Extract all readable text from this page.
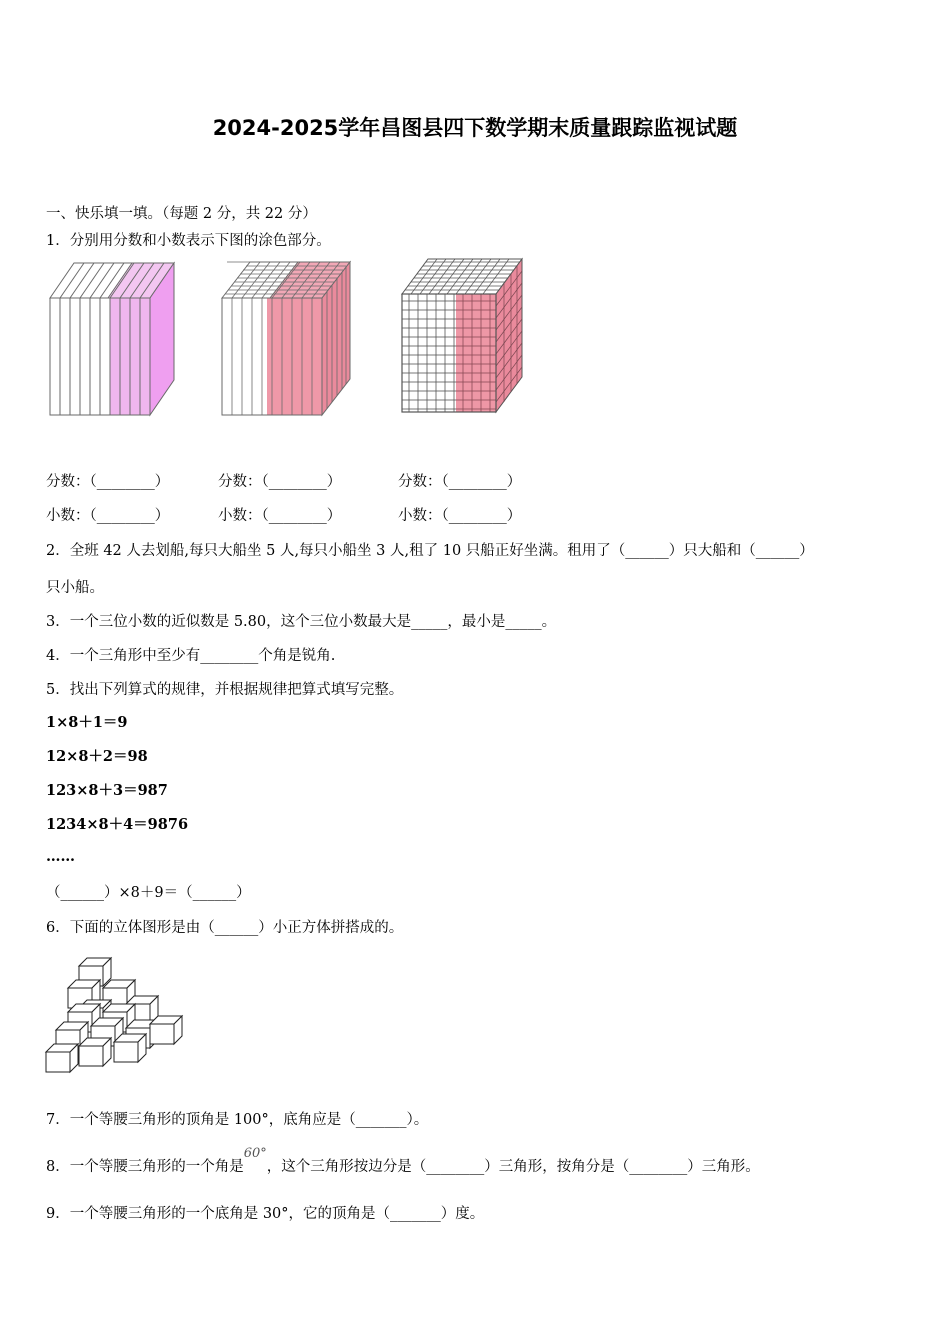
2024-2025学年昌图县四下数学期末质量跟踪监视试题
一、快乐填一填。（每题 2 分，共 22 分）
1．分别用分数和小数表示下图的涂色部分。
分数：（________）	分数：（________）	分数：（________）
小数：（________）	小数：（________）	小数：（________）
2．全班 42 人去划船,每只大船坐 5 人,每只小船坐 3 人,租了 10 只船正好坐满。租用了（______）只大船和（______）
只小船。
3．一个三位小数的近似数是 5.80，这个三位小数最大是_____，最小是_____。
4．一个三角形中至少有________个角是锐角.
5．找出下列算式的规律，并根据规律把算式填写完整。
1×8＋1＝9
12×8＋2＝98
123×8＋3＝987
1234×8＋4＝9876
……
（______）×8＋9＝（______）
6．下面的立体图形是由（______）小正方体拼搭成的。
7．一个等腰三角形的顶角是 100°，底角应是（_______）。
8．一个等腰三角形的一个角是60°，这个三角形按边分是（________）三角形，按角分是（________）三角形。
9．一个等腰三角形的一个底角是 30°，它的顶角是（_______）度。
